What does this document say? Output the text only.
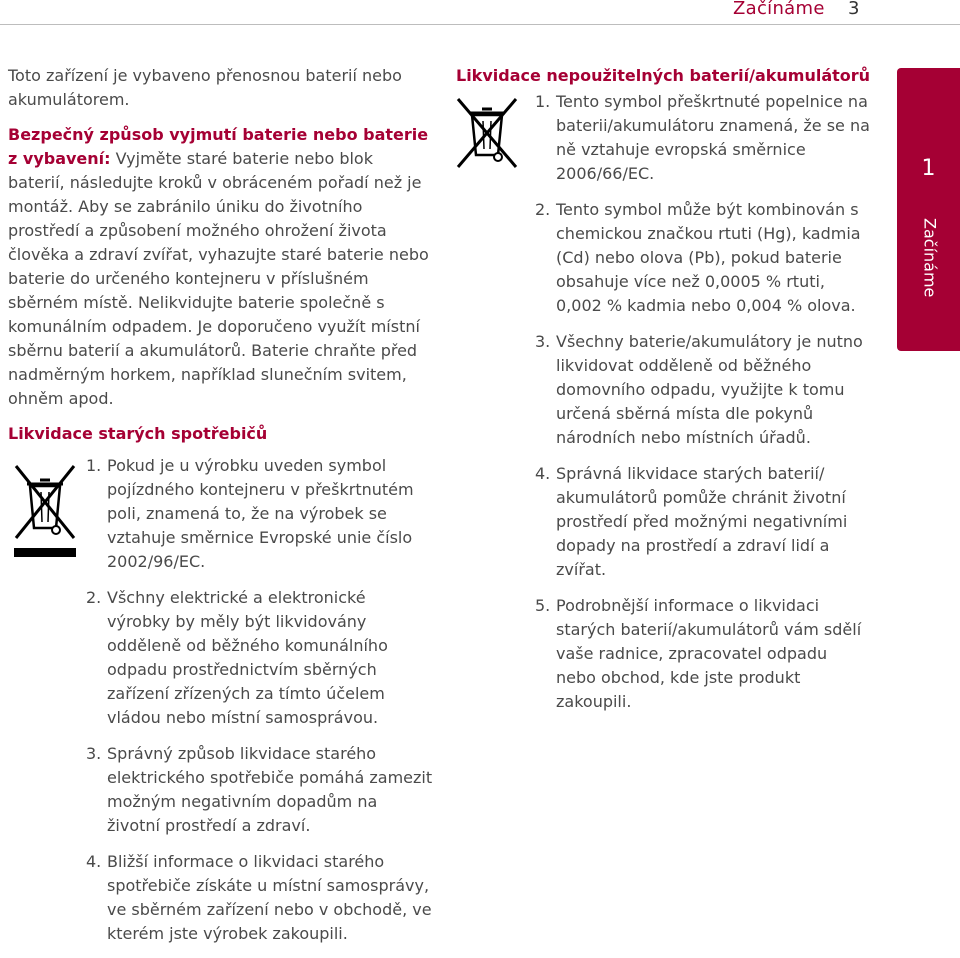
Začínáme 3

Toto zařízení je vybaveno přenosnou baterií nebo akumulátorem.

Bezpečný způsob vyjmutí baterie nebo baterie z vybavení: Vyjměte staré baterie nebo blok baterií, následujte kroků v obráceném pořadí než je montáž. Aby se zabránilo úniku do životního prostředí a způsobení možného ohrožení života člověka a zdraví zvířat, vyhazujte staré baterie nebo baterie do určeného kontejneru v příslušném sběrném místě. Nelikvidujte baterie společně s komunálním odpadem. Je doporučeno využít místní sběrnu baterií a akumulátorů. Baterie chraňte před nadměrným horkem, například slunečním svitem, ohněm apod.

Likvidace starých spotřebičů
1. Pokud je u výrobku uveden symbol pojízdného kontejneru v přeškrtnutém poli, znamená to, že na výrobek se vztahuje směrnice Evropské unie číslo 2002/96/EC.
2. Všchny elektrické a elektronické výrobky by měly být likvidovány odděleně od běžného komunálního odpadu prostřednictvím sběrných zařízení zřízených za tímto účelem vládou nebo místní samosprávou.
3. Správný způsob likvidace starého elektrického spotřebiče pomáhá zamezit možným negativním dopadům na životní prostředí a zdraví.
4. Bližší informace o likvidaci starého spotřebiče získáte u místní samosprávy, ve sběrném zařízení nebo v obchodě, ve kterém jste výrobek zakoupili.
Likvidace nepoužitelných baterií/akumulátorů
1. Tento symbol přeškrtnuté popelnice na baterii/akumulátoru znamená, že se na ně vztahuje evropská směrnice 2006/66/EC.
2. Tento symbol může být kombinován s chemickou značkou rtuti (Hg), kadmia (Cd) nebo olova (Pb), pokud baterie obsahuje více než 0,0005 % rtuti, 0,002 % kadmia nebo 0,004 % olova.
3. Všechny baterie/akumulátory je nutno likvidovat odděleně od běžného domovního odpadu, využijte k tomu určená sběrná místa dle pokynů národních nebo místních úřadů.
4. Správná likvidace starých baterií/ akumulátorů pomůže chránit životní prostředí před možnými negativními dopady na prostředí a zdraví lidí a zvířat.
5. Podrobnější informace o likvidaci starých baterií/akumulátorů vám sdělí vaše radnice, zpracovatel odpadu nebo obchod, kde jste produkt zakoupili.
1
Začínáme
